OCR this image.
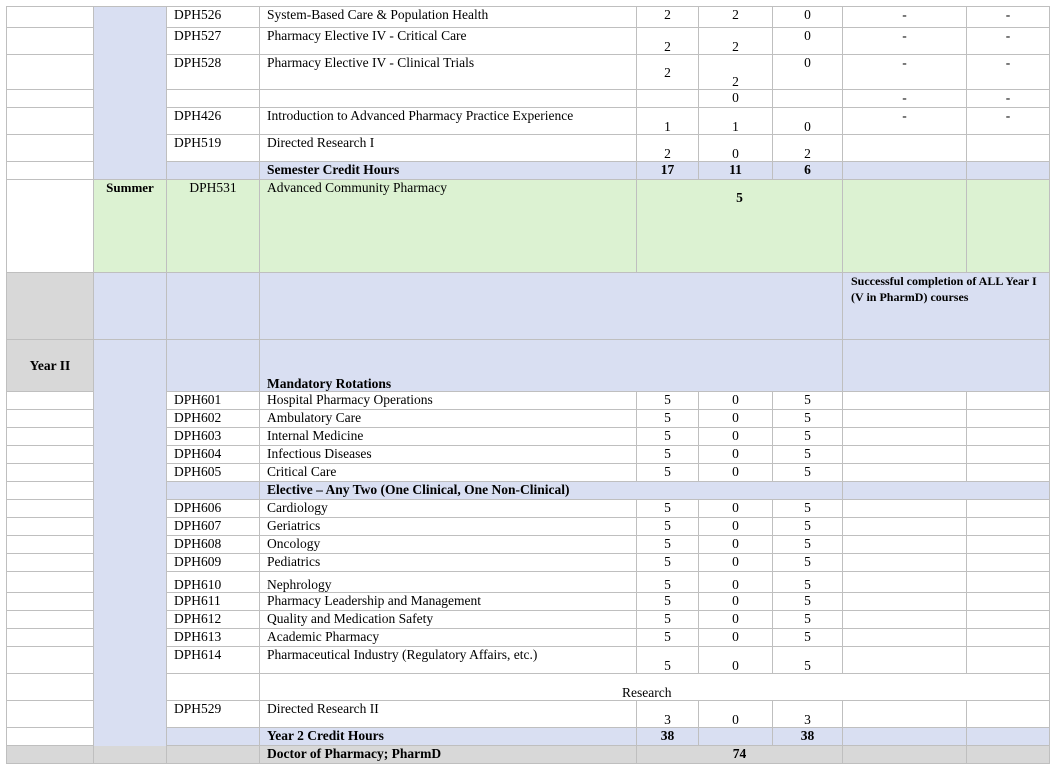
		DPH526	System-Based Care & Population Health	2	2	0	-	-
		DPH527	Pharmacy Elective IV - Critical Care	2	2	0	-	-
		DPH528	Pharmacy Elective IV - Clinical Trials	2	2	0	-	-
					0		-	-
		DPH426	Introduction to Advanced Pharmacy Practice Experience	1	1	0	-	-
		DPH519	Directed Research I	2	0	2		
			Semester Credit Hours	17	11	6		
	Summer	DPH531	Advanced Community Pharmacy	5				
							Successful completion of ALL Year I (V in PharmD) courses	
Year II			Mandatory Rotations					
		DPH601	Hospital Pharmacy Operations	5	0	5		
		DPH602	Ambulatory Care	5	0	5		
		DPH603	Internal Medicine	5	0	5		
		DPH604	Infectious Diseases	5	0	5		
		DPH605	Critical Care	5	0	5		
			Elective – Any Two (One Clinical, One Non-Clinical)					
		DPH606	Cardiology	5	0	5		
		DPH607	Geriatrics	5	0	5		
		DPH608	Oncology	5	0	5		
		DPH609	Pediatrics	5	0	5		
		DPH610	Nephrology	5	0	5		
		DPH611	Pharmacy Leadership and Management	5	0	5		
		DPH612	Quality and Medication Safety	5	0	5		
		DPH613	Academic Pharmacy	5	0	5		
		DPH614	Pharmaceutical Industry (Regulatory Affairs, etc.)	5	0	5		
			Research					
		DPH529	Directed Research II	3	0	3		
			Year 2 Credit Hours	38		38		
			Doctor of Pharmacy; PharmD	74				
